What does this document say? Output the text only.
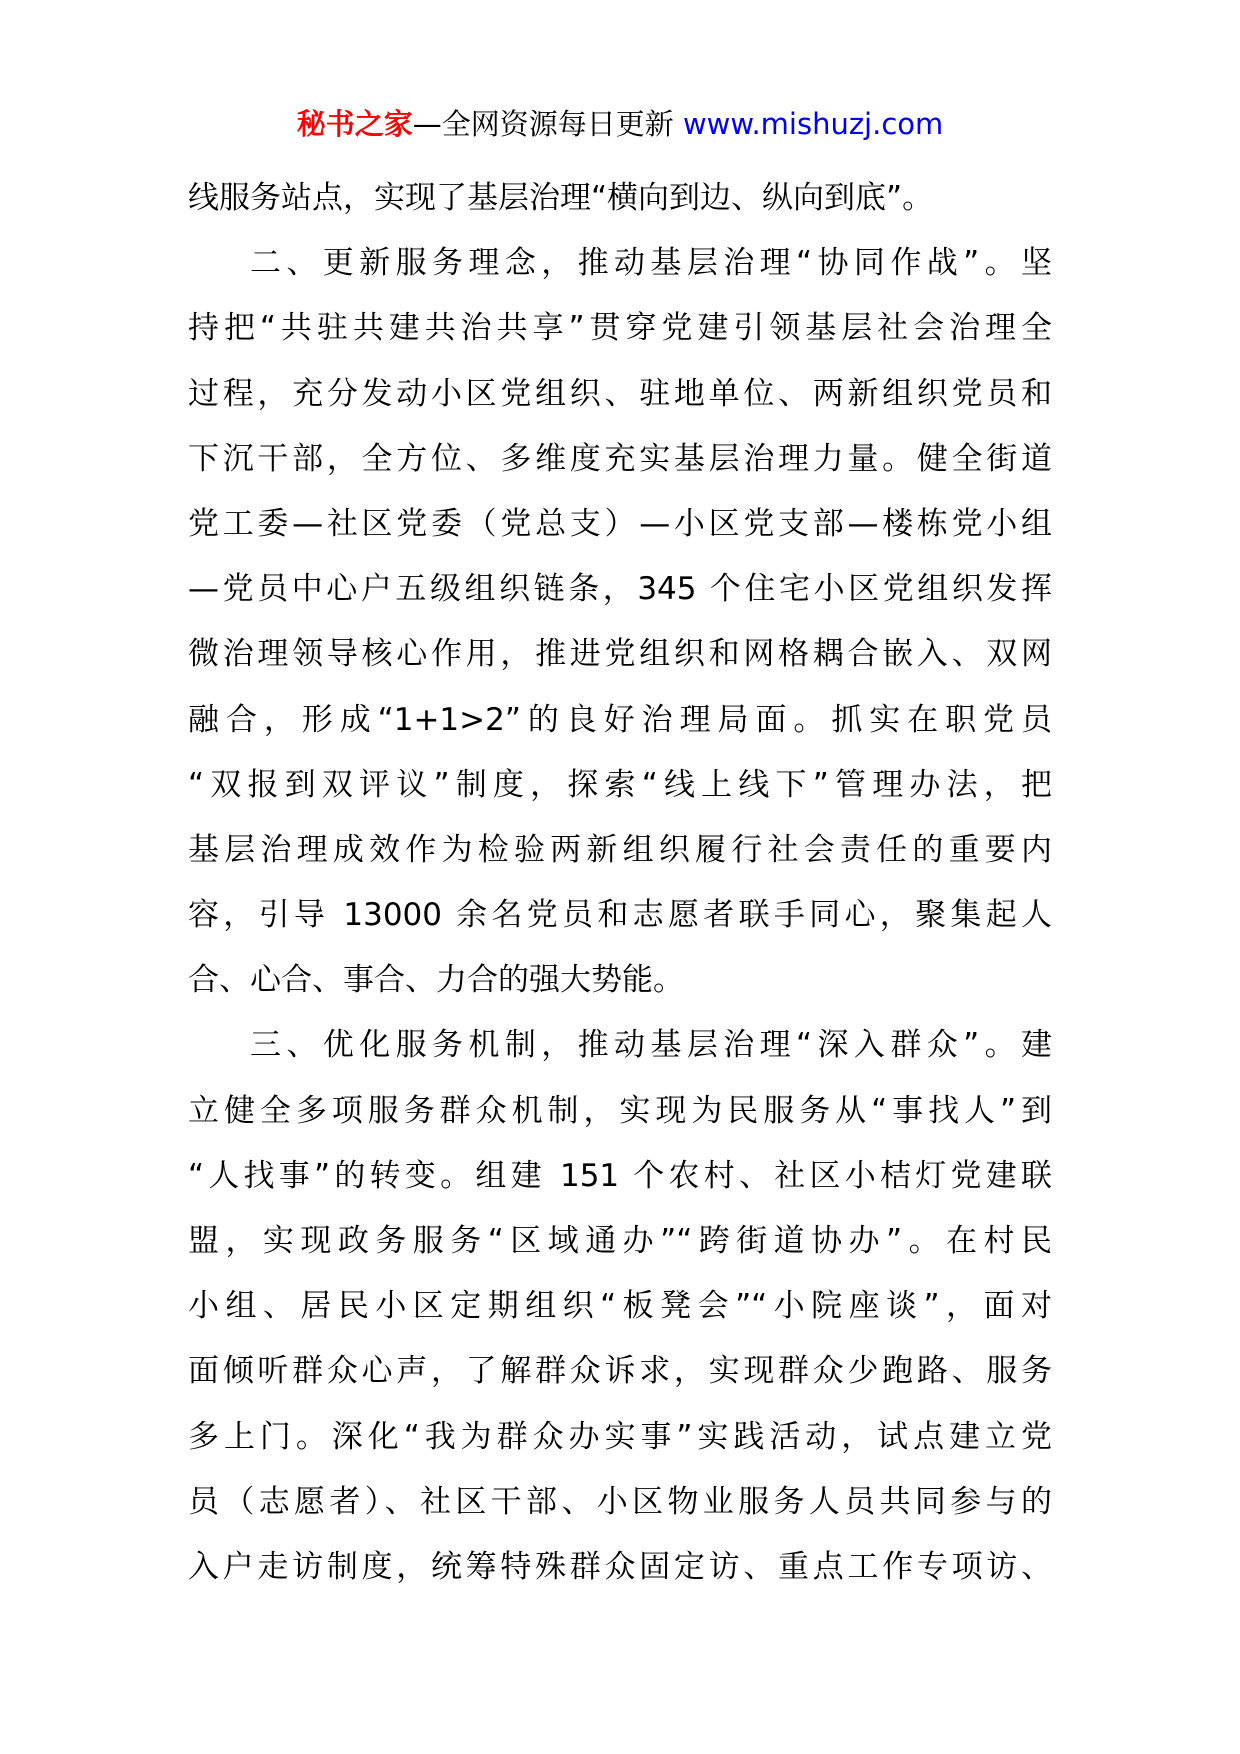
秘书之家—全网资源每日更新 www.mishuzj.com
线服务站点，实现了基层治理“横向到边、纵向到底”。
二、更新服务理念，推动基层治理“协同作战”。坚
持把“共驻共建共治共享”贯穿党建引领基层社会治理全
过程，充分发动小区党组织、驻地单位、两新组织党员和
下沉干部，全方位、多维度充实基层治理力量。健全街道
党工委—社区党委（党总支）—小区党支部—楼栋党小组
—党员中心户五级组织链条，345 个住宅小区党组织发挥
微治理领导核心作用，推进党组织和网格耦合嵌入、双网
融合，形成“1+1>2”的良好治理局面。抓实在职党员
“双报到双评议”制度，探索“线上线下”管理办法，把
基层治理成效作为检验两新组织履行社会责任的重要内
容，引导 13000 余名党员和志愿者联手同心，聚集起人
合、心合、事合、力合的强大势能。
三、优化服务机制，推动基层治理“深入群众”。建
立健全多项服务群众机制，实现为民服务从“事找人”到
“人找事”的转变。组建 151 个农村、社区小桔灯党建联
盟，实现政务服务“区域通办”“跨街道协办”。在村民
小组、居民小区定期组织“板凳会”“小院座谈”，面对
面倾听群众心声，了解群众诉求，实现群众少跑路、服务
多上门。深化“我为群众办实事”实践活动，试点建立党
员（志愿者）、社区干部、小区物业服务人员共同参与的
入户走访制度，统筹特殊群众固定访、重点工作专项访、
